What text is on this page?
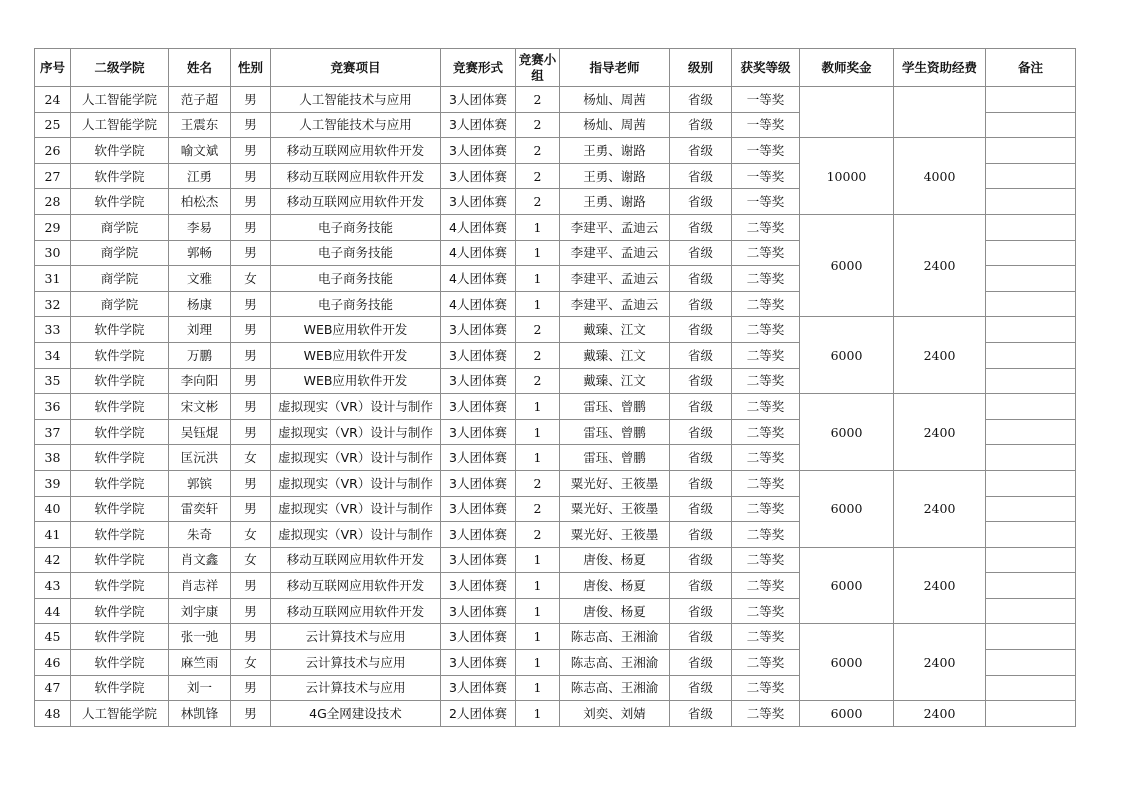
序号	二级学院	姓名	性别	竞赛项目	竞赛形式	竞赛小组	指导老师	级别	获奖等级	教师奖金	学生资助经费	备注
24	人工智能学院	范子超	男	人工智能技术与应用	3人团体赛	2	杨灿、周茜	省级	一等奖			
25	人工智能学院	王震东	男	人工智能技术与应用	3人团体赛	2	杨灿、周茜	省级	一等奖			
26	软件学院	喻文斌	男	移动互联网应用软件开发	3人团体赛	2	王勇、谢路	省级	一等奖	10000	4000	
27	软件学院	江勇	男	移动互联网应用软件开发	3人团体赛	2	王勇、谢路	省级	一等奖			
28	软件学院	柏松杰	男	移动互联网应用软件开发	3人团体赛	2	王勇、谢路	省级	一等奖			
29	商学院	李易	男	电子商务技能	4人团体赛	1	李建平、孟迪云	省级	二等奖	6000	2400	
30	商学院	郭畅	男	电子商务技能	4人团体赛	1	李建平、孟迪云	省级	二等奖			
31	商学院	文雅	女	电子商务技能	4人团体赛	1	李建平、孟迪云	省级	二等奖			
32	商学院	杨康	男	电子商务技能	4人团体赛	1	李建平、孟迪云	省级	二等奖			
33	软件学院	刘理	男	WEB应用软件开发	3人团体赛	2	戴臻、江文	省级	二等奖	6000	2400	
34	软件学院	万鹏	男	WEB应用软件开发	3人团体赛	2	戴臻、江文	省级	二等奖			
35	软件学院	李向阳	男	WEB应用软件开发	3人团体赛	2	戴臻、江文	省级	二等奖			
36	软件学院	宋文彬	男	虚拟现实（VR）设计与制作	3人团体赛	1	雷珏、曾鹏	省级	二等奖	6000	2400	
37	软件学院	吴钰焜	男	虚拟现实（VR）设计与制作	3人团体赛	1	雷珏、曾鹏	省级	二等奖			
38	软件学院	匡沅洪	女	虚拟现实（VR）设计与制作	3人团体赛	1	雷珏、曾鹏	省级	二等奖			
39	软件学院	郭镔	男	虚拟现实（VR）设计与制作	3人团体赛	2	粟光好、王筱墨	省级	二等奖	6000	2400	
40	软件学院	雷奕轩	男	虚拟现实（VR）设计与制作	3人团体赛	2	粟光好、王筱墨	省级	二等奖			
41	软件学院	朱奇	女	虚拟现实（VR）设计与制作	3人团体赛	2	粟光好、王筱墨	省级	二等奖			
42	软件学院	肖文鑫	女	移动互联网应用软件开发	3人团体赛	1	唐俊、杨夏	省级	二等奖	6000	2400	
43	软件学院	肖志祥	男	移动互联网应用软件开发	3人团体赛	1	唐俊、杨夏	省级	二等奖			
44	软件学院	刘宇康	男	移动互联网应用软件开发	3人团体赛	1	唐俊、杨夏	省级	二等奖			
45	软件学院	张一弛	男	云计算技术与应用	3人团体赛	1	陈志高、王湘渝	省级	二等奖	6000	2400	
46	软件学院	麻竺雨	女	云计算技术与应用	3人团体赛	1	陈志高、王湘渝	省级	二等奖			
47	软件学院	刘一	男	云计算技术与应用	3人团体赛	1	陈志高、王湘渝	省级	二等奖			
48	人工智能学院	林凯锋	男	4G全网建设技术	2人团体赛	1	刘奕、刘婧	省级	二等奖	6000	2400	
